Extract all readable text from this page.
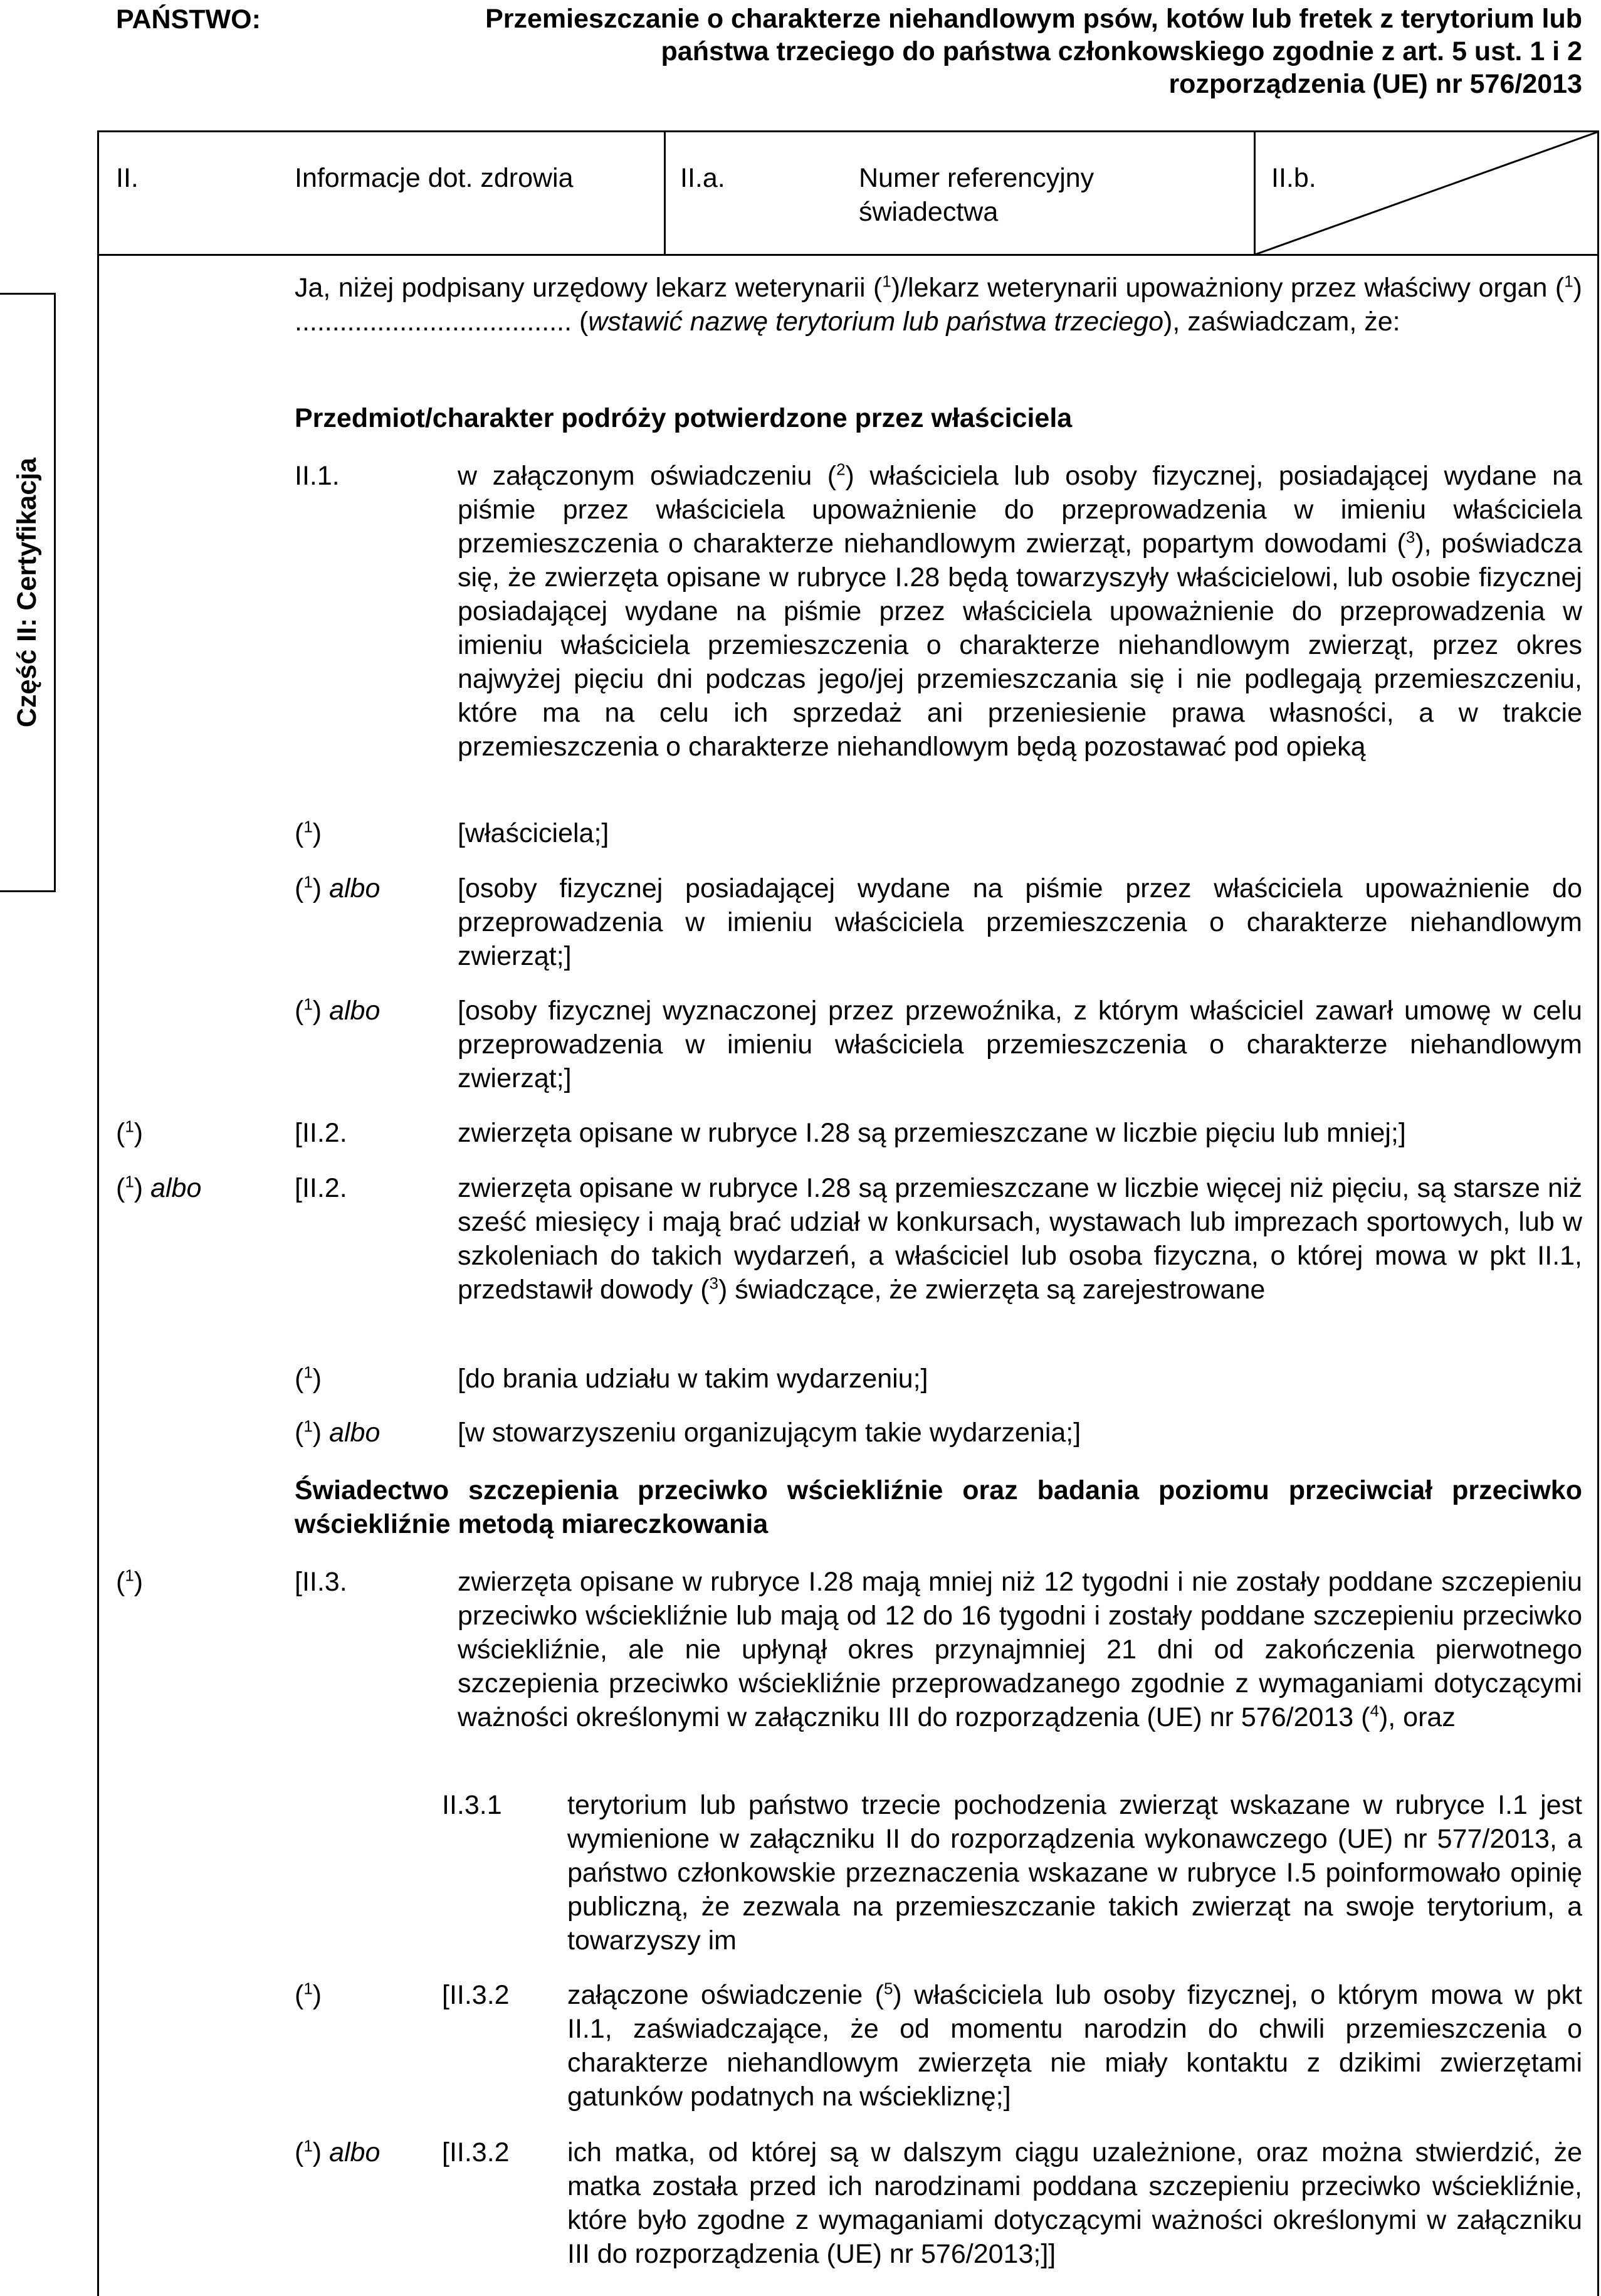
PAŃSTWO:	Przemieszczanie o charakterze niehandlowym psów, kotów lub fretek z terytorium lub państwa trzeciego do państwa członkowskiego zgodnie z art. 5 ust. 1 i 2 rozporządzenia (UE) nr 576/2013
II.	Informacje dot. zdrowia	II.a.	Numer referencyjny świadectwa
II.b.
Część II: Certyfikacja
Ja, niżej podpisany urzędowy lekarz weterynarii ($^1$)/lekarz weterynarii upoważniony przez właściwy organ ($^1$) ..................................... (wstawić nazwę terytorium lub państwa trzeciego), zaświadczam, że:
Przedmiot/charakter podróży potwierdzone przez właściciela
II.1.	w załączonym oświadczeniu ($^2$) właściciela lub osoby fizycznej, posiadającej wydane na piśmie przez właściciela upoważnienie do przeprowadzenia w imieniu właściciela przemieszczenia o charakterze niehandlowym zwierząt, popartym dowodami ($^3$), poświadcza się, że zwierzęta opisane w rubryce I.28 będą towarzyszyły właścicielowi, lub osobie fizycznej posiadającej wydane na piśmie przez właściciela upoważnienie do przeprowadzenia w imieniu właściciela przemieszczenia o charakterze niehandlowym zwierząt, przez okres najwyżej pięciu dni podczas jego/jej przemieszczania się i nie podlegają przemieszczeniu, które ma na celu ich sprzedaż ani przeniesienie prawa własności, a w trakcie przemieszczenia o charakterze niehandlowym będą pozostawać pod opieką
($^1$)	[właściciela;]
($^1$) albo	[osoby fizycznej posiadającej wydane na piśmie przez właściciela upoważnienie do przeprowadzenia w imieniu właściciela przemieszczenia o charakterze niehandlowym zwierząt;]
($^1$) albo	[osoby fizycznej wyznaczonej przez przewoźnika, z którym właściciel zawarł umowę w celu przeprowadzenia w imieniu właściciela przemieszczenia o charakterze niehandlowym zwierząt;]
($^1$)	[II.2.	zwierzęta opisane w rubryce I.28 są przemieszczane w liczbie pięciu lub mniej;]
($^1$) albo	[II.2.	zwierzęta opisane w rubryce I.28 są przemieszczane w liczbie więcej niż pięciu, są starsze niż sześć miesięcy i mają brać udział w konkursach, wystawach lub imprezach sportowych, lub w szkoleniach do takich wydarzeń, a właściciel lub osoba fizyczna, o której mowa w pkt II.1, przedstawił dowody ($^3$) świadczące, że zwierzęta są zarejestrowane
($^1$)	[do brania udziału w takim wydarzeniu;]
($^1$) albo	[w stowarzyszeniu organizującym takie wydarzenia;]
Świadectwo szczepienia przeciwko wściekliźnie oraz badania poziomu przeciwciał przeciwko wściekliźnie metodą miareczkowania
($^1$)	[II.3.	zwierzęta opisane w rubryce I.28 mają mniej niż 12 tygodni i nie zostały poddane szczepieniu przeciwko wściekliźnie lub mają od 12 do 16 tygodni i zostały poddane szczepieniu przeciwko wściekliźnie, ale nie upłynął okres przynajmniej 21 dni od zakończenia pierwotnego szczepienia przeciwko wściekliźnie przeprowadzanego zgodnie z wymaganiami dotyczącymi ważności określonymi w załączniku III do rozporządzenia (UE) nr 576/2013 ($^4$), oraz
II.3.1 terytorium lub państwo trzecie pochodzenia zwierząt wskazane w rubryce I.1 jest wymienione w załączniku II do rozporządzenia wykonawczego (UE) nr 577/2013, a państwo członkowskie przeznaczenia wskazane w rubryce I.5 poinformowało opinię publiczną, że zezwala na przemieszczanie takich zwierząt na swoje terytorium, a towarzyszy im
($^1$)	[II.3.2 załączone oświadczenie ($^5$) właściciela lub osoby fizycznej, o którym mowa w pkt II.1, zaświadczające, że od momentu narodzin do chwili przemieszczenia o charakterze niehandlowym zwierzęta nie miały kontaktu z dzikimi zwierzętami gatunków podatnych na wściekliznę;]
($^1$) albo [II.3.2 ich matka, od której są w dalszym ciągu uzależnione, oraz można stwierdzić, że matka została przed ich narodzinami poddana szczepieniu przeciwko wściekliźnie, które było zgodne z wymaganiami dotyczącymi ważności określonymi w załączniku III do rozporządzenia (UE) nr 576/2013;]]
